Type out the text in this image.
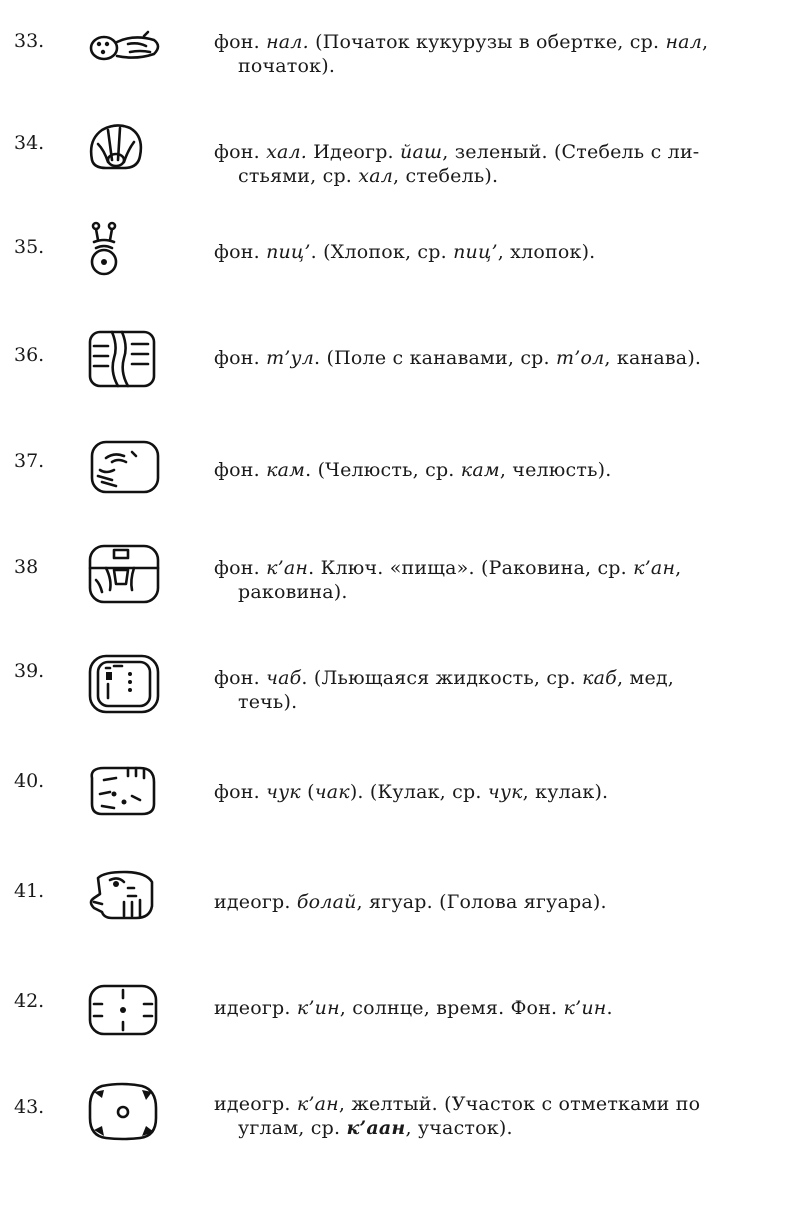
33.	фон. нал. (Початок кукурузы в обертке, ср. нал,
початок).
34.	фон. хал. Идеогр. йаш, зеленый. (Стебель с ли-
стьями, ср. хал, стебель).
35.	фон. пиц’. (Хлопок, ср. пиц’, хлопок).
36.	фон. т’ул. (Поле с канавами, ср. т’ол, канава).
37.	фон. кам. (Челюсть, ср. кам, челюсть).
38	фон. к’ан. Ключ. «пища». (Раковина, ср. к’ан,
раковина).
39.	фон. чаб. (Льющаяся жидкость, ср. каб, мед,
течь).
40.	фон. чук (чак). (Кулак, ср. чук, кулак).
41.	идеогр. болай, ягуар. (Голова ягуара).
42.	идеогр. к’ин, солнце, время. Фон. к’ин.
43.	идеогр. к’ан, желтый. (Участок с отметками по
углам, ср. к’аан, участок).
